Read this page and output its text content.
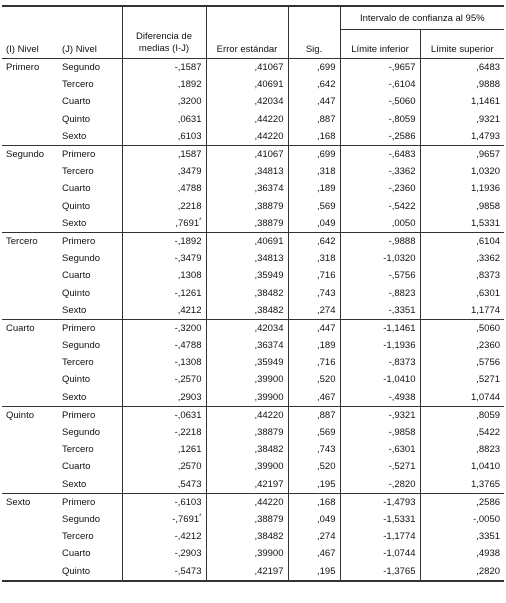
					Intervalo de confianza al 95%	
(I) Nivel	(J) Nivel	Diferencia de medias (I-J)	Error estándar	Sig.	Límite inferior	Límite superior
Primero	Segundo	-,1587	,41067	,699	-,9657	,6483
	Tercero	,1892	,40691	,642	-,6104	,9888
	Cuarto	,3200	,42034	,447	-,5060	1,1461
	Quinto	,0631	,44220	,887	-,8059	,9321
	Sexto	,6103	,44220	,168	-,2586	1,4793
Segundo	Primero	,1587	,41067	,699	-,6483	,9657
	Tercero	,3479	,34813	,318	-,3362	1,0320
	Cuarto	,4788	,36374	,189	-,2360	1,1936
	Quinto	,2218	,38879	,569	-,5422	,9858
	Sexto	,7691*	,38879	,049	,0050	1,5331
Tercero	Primero	-,1892	,40691	,642	-,9888	,6104
	Segundo	-,3479	,34813	,318	-1,0320	,3362
	Cuarto	,1308	,35949	,716	-,5756	,8373
	Quinto	-,1261	,38482	,743	-,8823	,6301
	Sexto	,4212	,38482	,274	-,3351	1,1774
Cuarto	Primero	-,3200	,42034	,447	-1,1461	,5060
	Segundo	-,4788	,36374	,189	-1,1936	,2360
	Tercero	-,1308	,35949	,716	-,8373	,5756
	Quinto	-,2570	,39900	,520	-1,0410	,5271
	Sexto	,2903	,39900	,467	-,4938	1,0744
Quinto	Primero	-,0631	,44220	,887	-,9321	,8059
	Segundo	-,2218	,38879	,569	-,9858	,5422
	Tercero	,1261	,38482	,743	-,6301	,8823
	Cuarto	,2570	,39900	,520	-,5271	1,0410
	Sexto	,5473	,42197	,195	-,2820	1,3765
Sexto	Primero	-,6103	,44220	,168	-1,4793	,2586
	Segundo	-,7691*	,38879	,049	-1,5331	-,0050
	Tercero	-,4212	,38482	,274	-1,1774	,3351
	Cuarto	-,2903	,39900	,467	-1,0744	,4938
	Quinto	-,5473	,42197	,195	-1,3765	,2820
